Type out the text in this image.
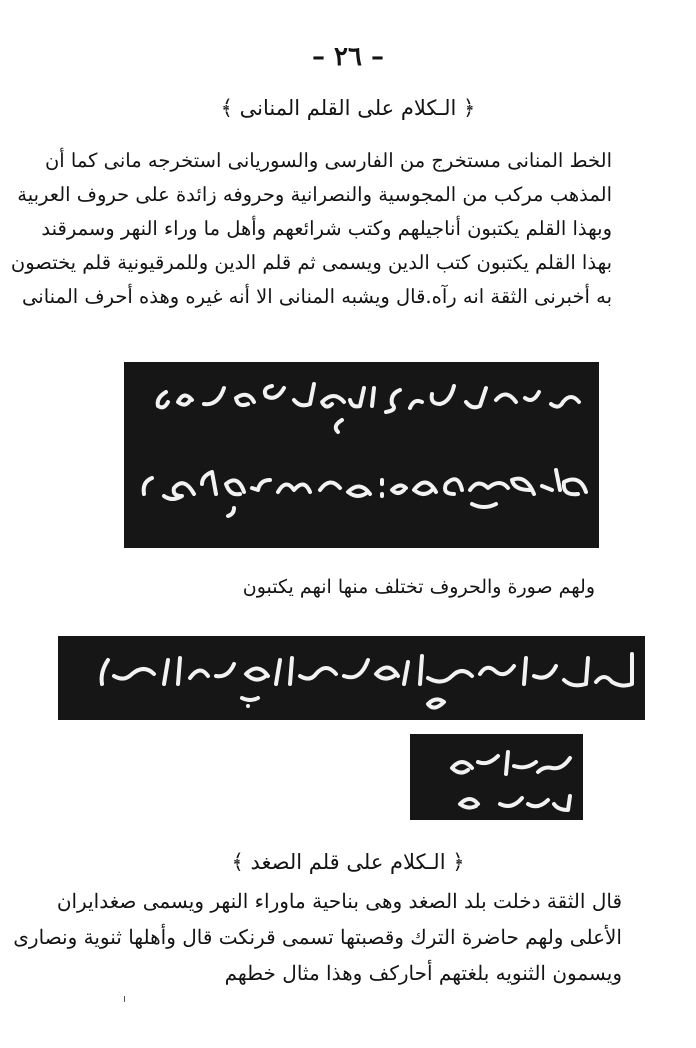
– ٢٦ –
﴿ الـكلام على القلم المنانى ﴾
الخط المنانى مستخرج من الفارسى والسوريانى استخرجه مانى كما أن
المذهب مركب من المجوسية والنصرانية وحروفه زائدة على حروف العربية
وبهذا القلم يكتبون أناجيلهم وكتب شرائعهم وأهل ما وراء النهر وسمرقند
بهذا القلم يكتبون كتب الدين ويسمى ثم قلم الدين وللمرقيونية قلم يختصون
به أخبرنى الثقة انه رآه.قال ويشبه المنانى الا أنه غيره وهذه أحرف المنانى
ولهم صورة والحروف تختلف منها انهم يكتبون
﴿ الـكلام على قلم الصغد ﴾
قال الثقة دخلت بلد الصغد وهى بناحية ماوراء النهر ويسمى صغدايران
الأعلى ولهم حاضرة الترك وقصبتها تسمى قرنكت قال وأهلها ثنوية ونصارى
ويسمون الثنويه بلغتهم أحاركف وهذا مثال خطهم
